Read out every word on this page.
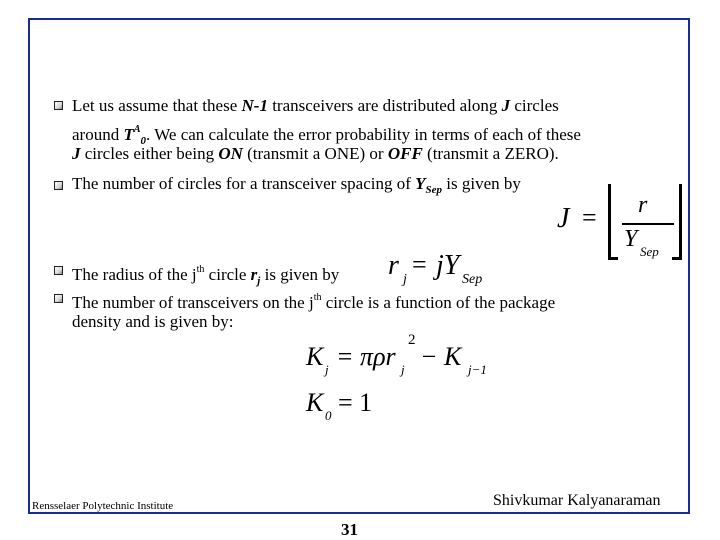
Let us assume that these N-1 transceivers are distributed along J circles
around $T^A_0$. We can calculate the error probability in terms of each of these
J circles either being ON (transmit a ONE) or OFF (transmit a ZERO).
The number of circles for a transceiver spacing of $Y_{Sep}$ is given by
J = r
Y Sep
The radius of the $j^{th}$ circle $r_j$ is given by r j
= jY Sep
The number of transceivers on the $j^{th}$ circle is a function of the package
density and is given by:
K j = πρr j
2
− K j−1
K 0 = 1
Rensselaer Polytechnic Institute	Shivkumar Kalyanaraman
31
